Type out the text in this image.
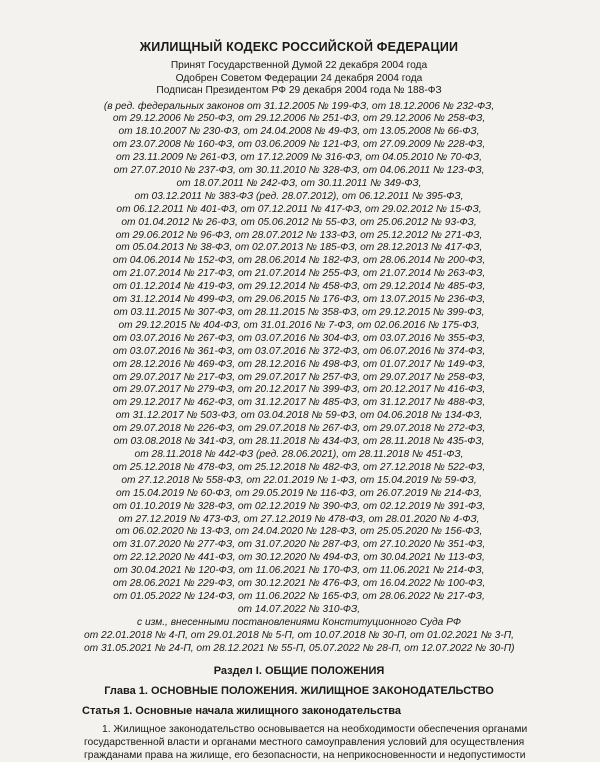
ЖИЛИЩНЫЙ КОДЕКС РОССИЙСКОЙ ФЕДЕРАЦИИ
Принят Государственной Думой 22 декабря 2004 года
Одобрен Советом Федерации 24 декабря 2004 года
Подписан Президентом РФ 29 декабря 2004 года № 188-ФЗ
(в ред. федеральных законов от 31.12.2005 № 199-ФЗ, от 18.12.2006 № 232-ФЗ,
от 29.12.2006 № 250-ФЗ, от 29.12.2006 № 251-ФЗ, от 29.12.2006 № 258-ФЗ,
от 18.10.2007 № 230-ФЗ, от 24.04.2008 № 49-ФЗ, от 13.05.2008 № 66-ФЗ,
от 23.07.2008 № 160-ФЗ, от 03.06.2009 № 121-ФЗ, от 27.09.2009 № 228-ФЗ,
от 23.11.2009 № 261-ФЗ, от 17.12.2009 № 316-ФЗ, от 04.05.2010 № 70-ФЗ,
от 27.07.2010 № 237-ФЗ, от 30.11.2010 № 328-ФЗ, от 04.06.2011 № 123-ФЗ,
от 18.07.2011 № 242-ФЗ, от 30.11.2011 № 349-ФЗ,
от 03.12.2011 № 383-ФЗ (ред. 28.07.2012), от 06.12.2011 № 395-ФЗ,
от 06.12.2011 № 401-ФЗ, от 07.12.2011 № 417-ФЗ, от 29.02.2012 № 15-ФЗ,
от 01.04.2012 № 26-ФЗ, от 05.06.2012 № 55-ФЗ, от 25.06.2012 № 93-ФЗ,
от 29.06.2012 № 96-ФЗ, от 28.07.2012 № 133-ФЗ, от 25.12.2012 № 271-ФЗ,
от 05.04.2013 № 38-ФЗ, от 02.07.2013 № 185-ФЗ, от 28.12.2013 № 417-ФЗ,
от 04.06.2014 № 152-ФЗ, от 28.06.2014 № 182-ФЗ, от 28.06.2014 № 200-ФЗ,
от 21.07.2014 № 217-ФЗ, от 21.07.2014 № 255-ФЗ, от 21.07.2014 № 263-ФЗ,
от 01.12.2014 № 419-ФЗ, от 29.12.2014 № 458-ФЗ, от 29.12.2014 № 485-ФЗ,
от 31.12.2014 № 499-ФЗ, от 29.06.2015 № 176-ФЗ, от 13.07.2015 № 236-ФЗ,
от 03.11.2015 № 307-ФЗ, от 28.11.2015 № 358-ФЗ, от 29.12.2015 № 399-ФЗ,
от 29.12.2015 № 404-ФЗ, от 31.01.2016 № 7-ФЗ, от 02.06.2016 № 175-ФЗ,
от 03.07.2016 № 267-ФЗ, от 03.07.2016 № 304-ФЗ, от 03.07.2016 № 355-ФЗ,
от 03.07.2016 № 361-ФЗ, от 03.07.2016 № 372-ФЗ, от 06.07.2016 № 374-ФЗ,
от 28.12.2016 № 469-ФЗ, от 28.12.2016 № 498-ФЗ, от 01.07.2017 № 149-ФЗ,
от 29.07.2017 № 217-ФЗ, от 29.07.2017 № 257-ФЗ, от 29.07.2017 № 258-ФЗ,
от 29.07.2017 № 279-ФЗ, от 20.12.2017 № 399-ФЗ, от 20.12.2017 № 416-ФЗ,
от 29.12.2017 № 462-ФЗ, от 31.12.2017 № 485-ФЗ, от 31.12.2017 № 488-ФЗ,
от 31.12.2017 № 503-ФЗ, от 03.04.2018 № 59-ФЗ, от 04.06.2018 № 134-ФЗ,
от 29.07.2018 № 226-ФЗ, от 29.07.2018 № 267-ФЗ, от 29.07.2018 № 272-ФЗ,
от 03.08.2018 № 341-ФЗ, от 28.11.2018 № 434-ФЗ, от 28.11.2018 № 435-ФЗ,
от 28.11.2018 № 442-ФЗ (ред. 28.06.2021), от 28.11.2018 № 451-ФЗ,
от 25.12.2018 № 478-ФЗ, от 25.12.2018 № 482-ФЗ, от 27.12.2018 № 522-ФЗ,
от 27.12.2018 № 558-ФЗ, от 22.01.2019 № 1-ФЗ, от 15.04.2019 № 59-ФЗ,
от 15.04.2019 № 60-ФЗ, от 29.05.2019 № 116-ФЗ, от 26.07.2019 № 214-ФЗ,
от 01.10.2019 № 328-ФЗ, от 02.12.2019 № 390-ФЗ, от 02.12.2019 № 391-ФЗ,
от 27.12.2019 № 473-ФЗ, от 27.12.2019 № 478-ФЗ, от 28.01.2020 № 4-ФЗ,
от 06.02.2020 № 13-ФЗ, от 24.04.2020 № 128-ФЗ, от 25.05.2020 № 156-ФЗ,
от 31.07.2020 № 277-ФЗ, от 31.07.2020 № 287-ФЗ, от 27.10.2020 № 351-ФЗ,
от 22.12.2020 № 441-ФЗ, от 30.12.2020 № 494-ФЗ, от 30.04.2021 № 113-ФЗ,
от 30.04.2021 № 120-ФЗ, от 11.06.2021 № 170-ФЗ, от 11.06.2021 № 214-ФЗ,
от 28.06.2021 № 229-ФЗ, от 30.12.2021 № 476-ФЗ, от 16.04.2022 № 100-ФЗ,
от 01.05.2022 № 124-ФЗ, от 11.06.2022 № 165-ФЗ, от 28.06.2022 № 217-ФЗ,
от 14.07.2022 № 310-ФЗ,
с изм., внесенными постановлениями Конституционного Суда РФ
от 22.01.2018 № 4-П, от 29.01.2018 № 5-П, от 10.07.2018 № 30-П, от 01.02.2021 № 3-П,
от 31.05.2021 № 24-П, от 28.12.2021 № 55-П, 05.07.2022 № 28-П, от 12.07.2022 № 30-П)
Раздел I. ОБЩИЕ ПОЛОЖЕНИЯ
Глава 1. ОСНОВНЫЕ ПОЛОЖЕНИЯ. ЖИЛИЩНОЕ ЗАКОНОДАТЕЛЬСТВО
Статья 1. Основные начала жилищного законодательства
1. Жилищное законодательство основывается на необходимости обеспечения органами
государственной власти и органами местного самоуправления условий для осуществления
гражданами права на жилище, его безопасности, на неприкосновенности и недопустимости
